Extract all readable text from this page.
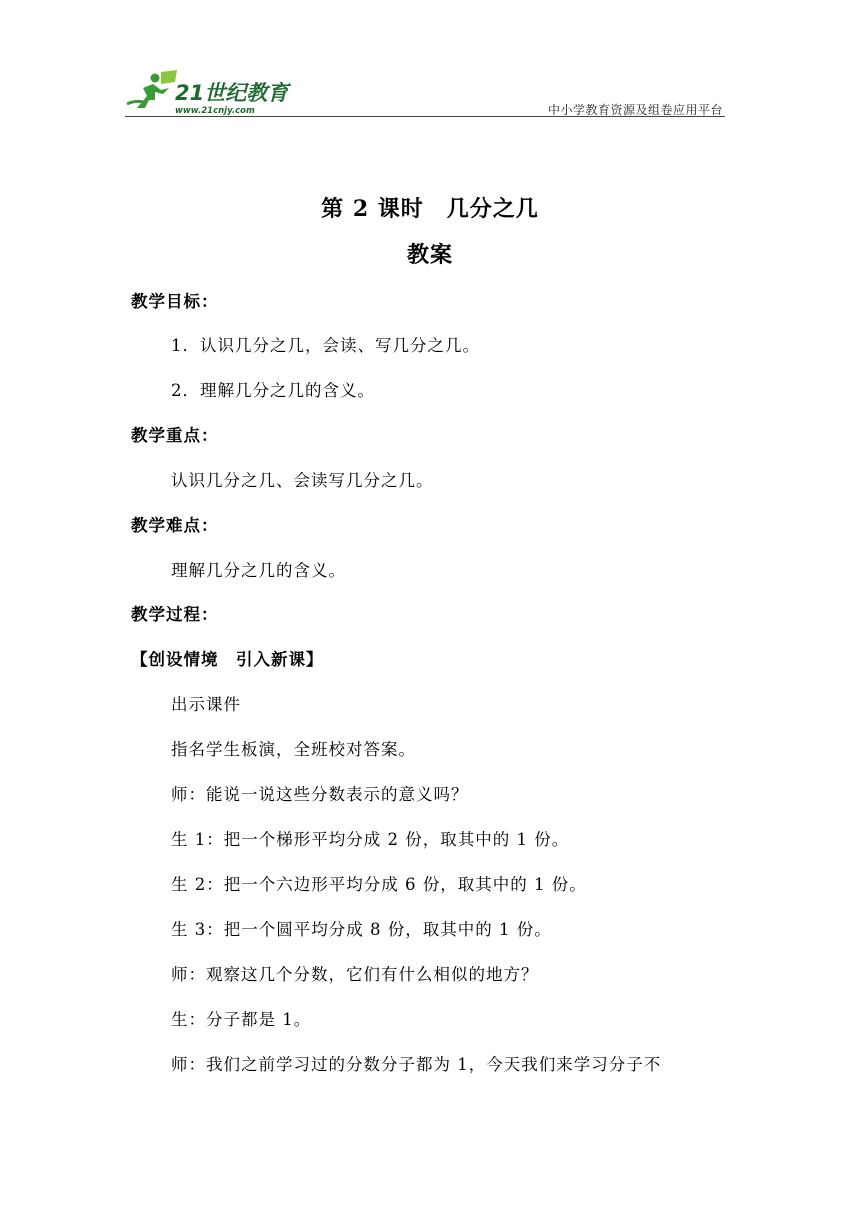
21世纪教育
www.21cnjy.com	中小学教育资源及组卷应用平台
第 2 课时　几分之几
教案
教学目标：
1．认识几分之几，会读、写几分之几。
2．理解几分之几的含义。
教学重点：
认识几分之几、会读写几分之几。
教学难点：
理解几分之几的含义。
教学过程：
【创设情境　引入新课】
出示课件
指名学生板演，全班校对答案。
师：能说一说这些分数表示的意义吗？
生 1：把一个梯形平均分成 2 份，取其中的 1 份。
生 2：把一个六边形平均分成 6 份，取其中的 1 份。
生 3：把一个圆平均分成 8 份，取其中的 1 份。
师：观察这几个分数，它们有什么相似的地方？
生：分子都是 1。
师：我们之前学习过的分数分子都为 1，今天我们来学习分子不
